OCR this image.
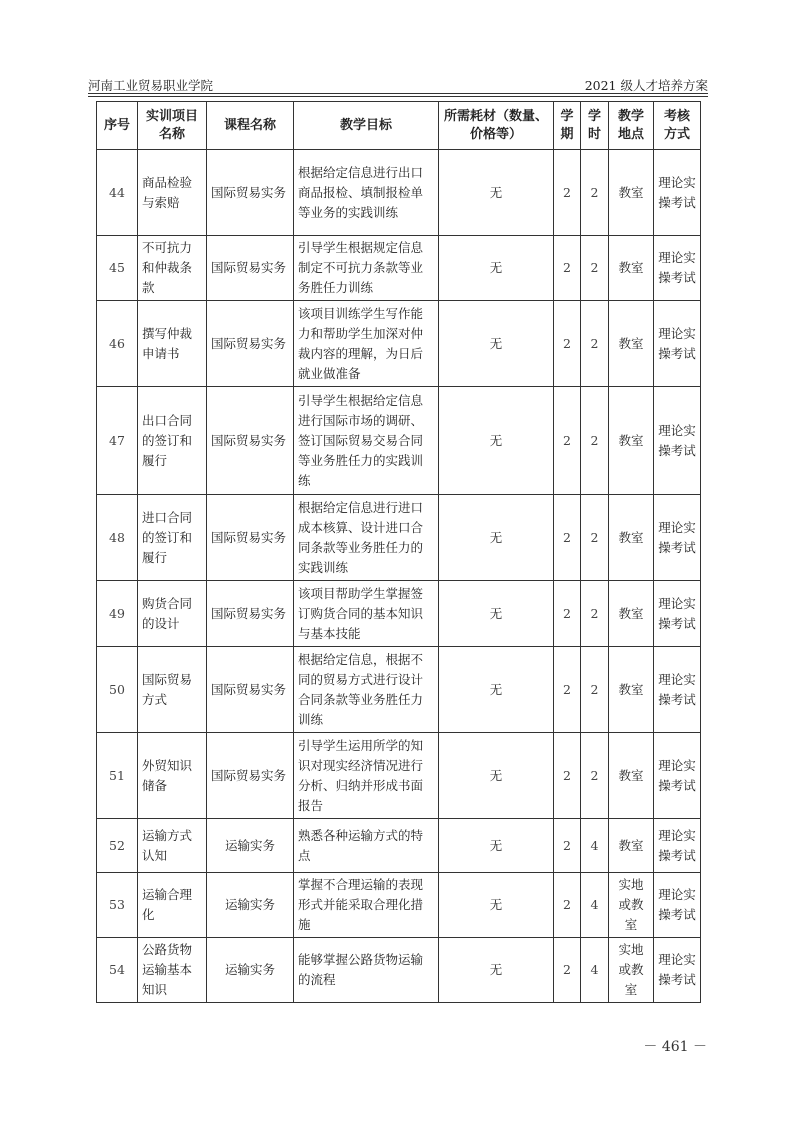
河南工业贸易职业学院	2021 级人才培养方案
序号	实训项目名称	课程名称	教学目标	所需耗材（数量、价格等）	学期	学时	教学地点	考核方式
44	商品检验与索赔	国际贸易实务	根据给定信息进行出口商品报检、填制报检单等业务的实践训练	无	2	2	教室	理论实操考试
45	不可抗力和仲裁条款	国际贸易实务	引导学生根据规定信息制定不可抗力条款等业务胜任力训练	无	2	2	教室	理论实操考试
46	撰写仲裁申请书	国际贸易实务	该项目训练学生写作能力和帮助学生加深对仲裁内容的理解，为日后就业做准备	无	2	2	教室	理论实操考试
47	出口合同的签订和履行	国际贸易实务	引导学生根据给定信息进行国际市场的调研、签订国际贸易交易合同等业务胜任力的实践训练	无	2	2	教室	理论实操考试
48	进口合同的签订和履行	国际贸易实务	根据给定信息进行进口成本核算、设计进口合同条款等业务胜任力的实践训练	无	2	2	教室	理论实操考试
49	购货合同的设计	国际贸易实务	该项目帮助学生掌握签订购货合同的基本知识与基本技能	无	2	2	教室	理论实操考试
50	国际贸易方式	国际贸易实务	根据给定信息，根据不同的贸易方式进行设计合同条款等业务胜任力训练	无	2	2	教室	理论实操考试
51	外贸知识储备	国际贸易实务	引导学生运用所学的知识对现实经济情况进行分析、归纳并形成书面报告	无	2	2	教室	理论实操考试
52	运输方式认知	运输实务	熟悉各种运输方式的特点	无	2	4	教室	理论实操考试
53	运输合理化	运输实务	掌握不合理运输的表现形式并能采取合理化措施	无	2	4	实地或教室	理论实操考试
54	公路货物运输基本知识	运输实务	能够掌握公路货物运输的流程	无	2	4	实地或教室	理论实操考试
－ 461 －
